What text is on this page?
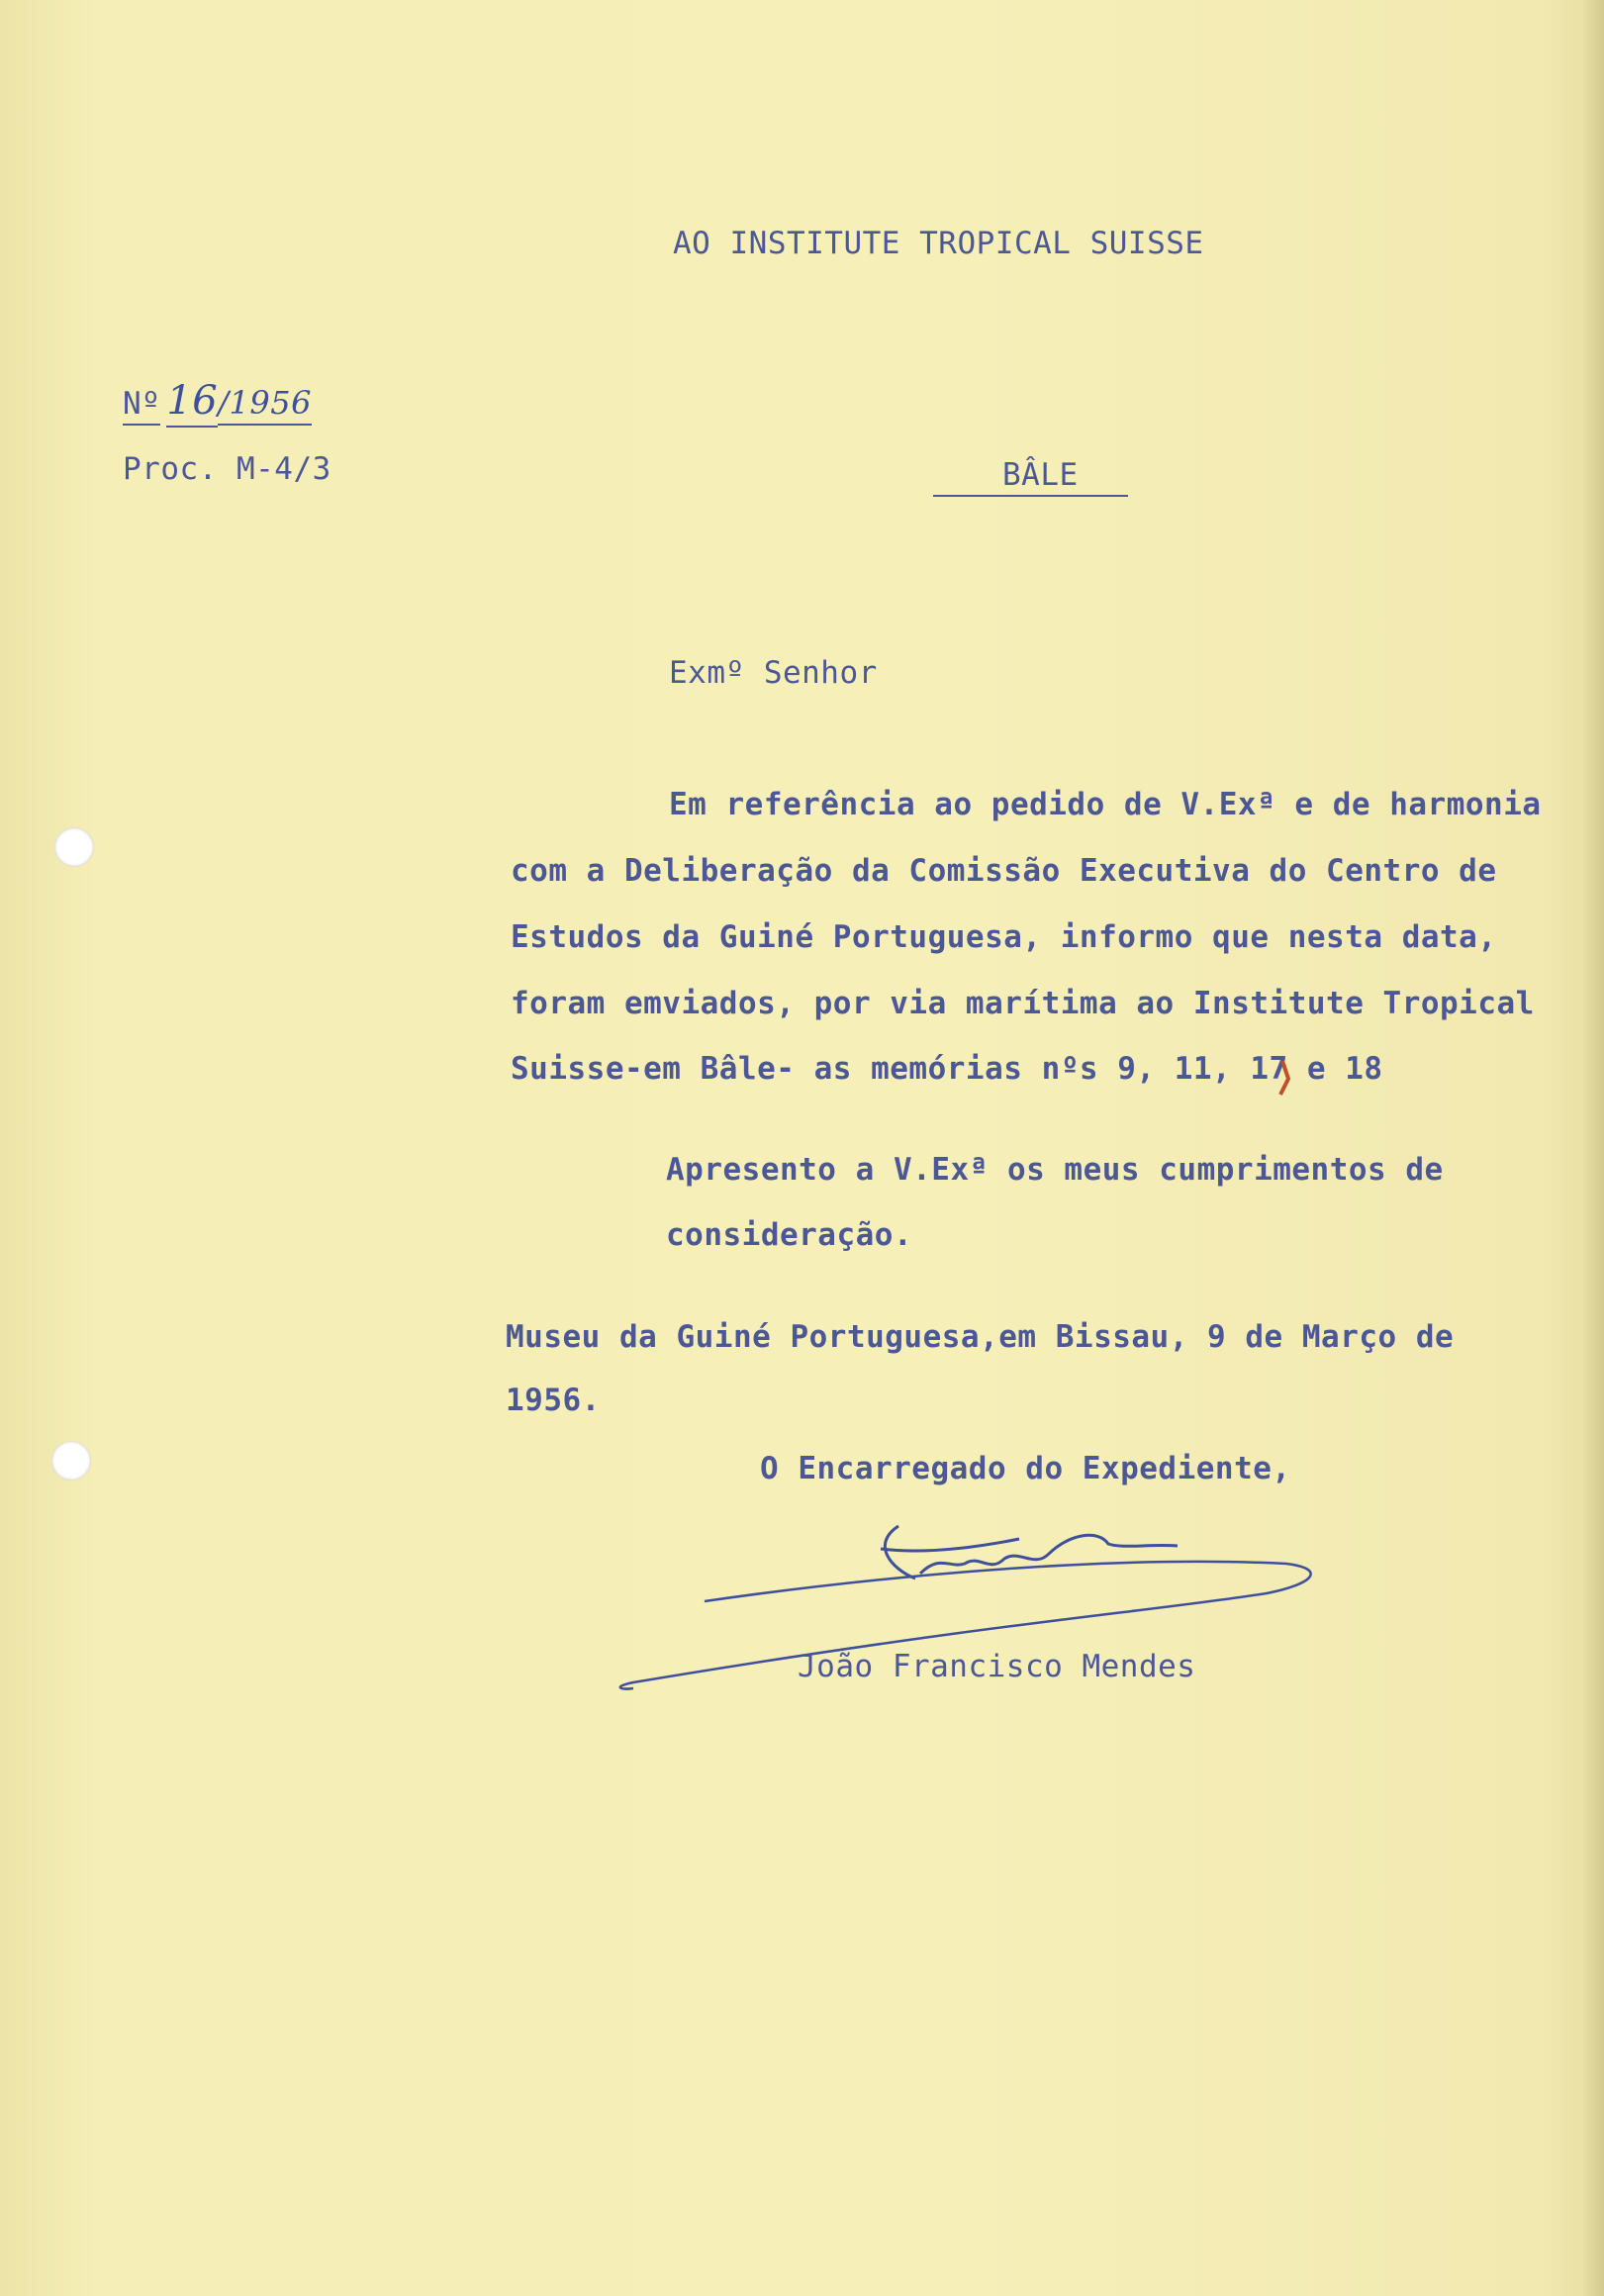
AO INSTITUTE TROPICAL SUISSE
Nº 16/1956
Proc. M-4/3	BÂLE
Exmº Senhor
Em referência ao pedido de V.Exª e de harmonia
com a Deliberação da Comissão Executiva do Centro de
Estudos da Guiné Portuguesa, informo que nesta data,
foram emviados, por via marítima ao Institute Tropical
Suisse-em Bâle- as memórias nºs 9, 11, 17 e 18
Apresento a V.Exª os meus cumprimentos de
consideração.
Museu da Guiné Portuguesa,em Bissau, 9 de Março de
1956.
O Encarregado do Expediente,
João Francisco Mendes
